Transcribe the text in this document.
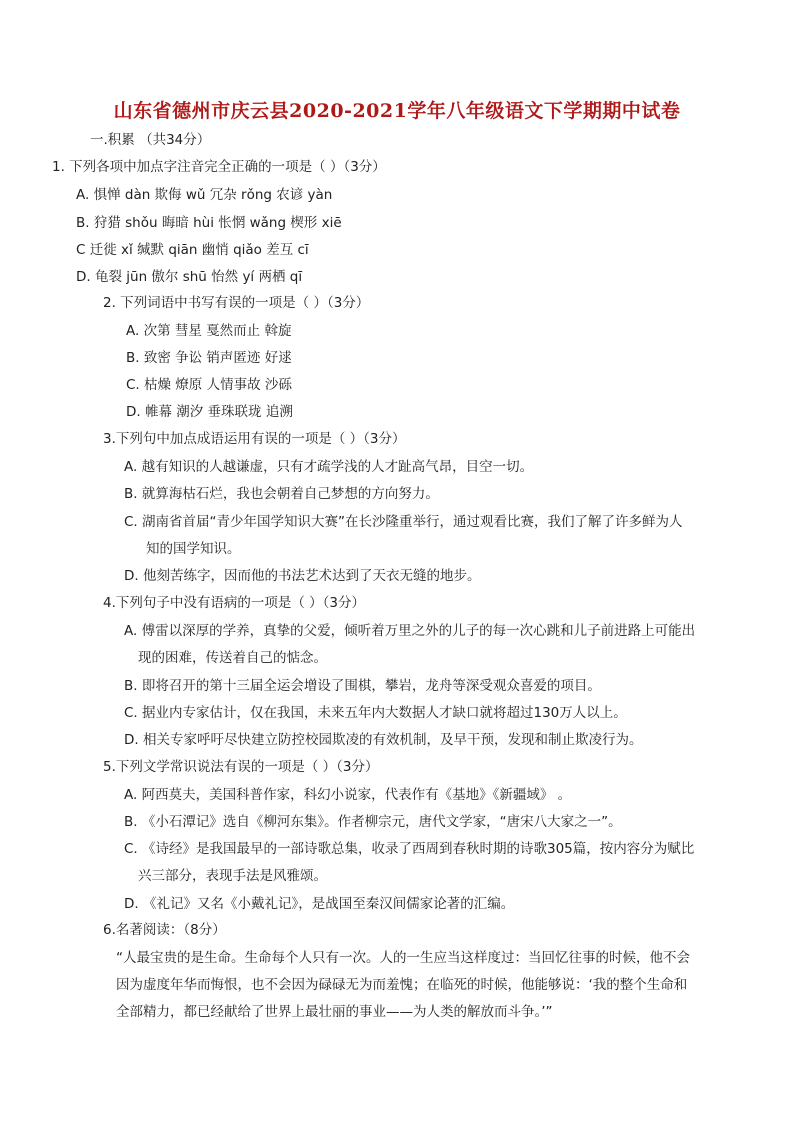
山东省德州市庆云县2020-2021学年八年级语文下学期期中试卷
一.积累 （共34分）
1. 下列各项中加点字注音完全正确的一项是（ ）（3分）
A. 惧惮 dàn 欺侮 wǔ 冗杂 rǒng 农谚 yàn
B. 狩猎 shǒu 晦暗 hùi 怅惘 wǎng 楔形 xiē
C 迁徙 xǐ 缄默 qiān 幽悄 qiǎo 差互 cī
D. 龟裂 jūn 傲尔 shū 怡然 yí 两栖 qī
2. 下列词语中书写有误的一项是（ ）（3分）
A. 次第 彗星 戛然而止 斡旋
B. 致密 争讼 销声匿迹 好逑
C. 枯燥 燎原 人情事故 沙砾
D. 帷幕 潮汐 垂珠联珑 追溯
3.下列句中加点成语运用有误的一项是（ ）（3分）
A. 越有知识的人越谦虚，只有才疏学浅的人才趾高气昂，目空一切。
B. 就算海枯石烂，我也会朝着自己梦想的方向努力。
C. 湖南省首届“青少年国学知识大赛”在长沙隆重举行，通过观看比赛，我们了解了许多鲜为人
知的国学知识。
D. 他刻苦练字，因而他的书法艺术达到了天衣无缝的地步。
4.下列句子中没有语病的一项是（ ）（3分）
A. 傅雷以深厚的学养，真挚的父爱，倾听着万里之外的儿子的每一次心跳和儿子前进路上可能出
现的困难，传送着自己的惦念。
B. 即将召开的第十三届全运会增设了围棋，攀岩，龙舟等深受观众喜爱的项目。
C. 据业内专家估计，仅在我国，未来五年内大数据人才缺口就将超过130万人以上。
D. 相关专家呼吁尽快建立防控校园欺凌的有效机制，及早干预，发现和制止欺凌行为。
5.下列文学常识说法有误的一项是（ ）（3分）
A. 阿西莫夫，美国科普作家，科幻小说家，代表作有《基地》《新疆域》 。
B. 《小石潭记》选自《柳河东集》。作者柳宗元，唐代文学家，“唐宋八大家之一”。
C. 《诗经》是我国最早的一部诗歌总集，收录了西周到春秋时期的诗歌305篇，按内容分为赋比
兴三部分，表现手法是风雅颂。
D. 《礼记》又名《小戴礼记》，是战国至秦汉间儒家论著的汇编。
6.名著阅读：（8分）
“人最宝贵的是生命。生命每个人只有一次。人的一生应当这样度过：当回忆往事的时候，他不会
因为虚度年华而悔恨，也不会因为碌碌无为而羞愧；在临死的时候，他能够说：‘我的整个生命和
全部精力，都已经献给了世界上最壮丽的事业——为人类的解放而斗争。’”
